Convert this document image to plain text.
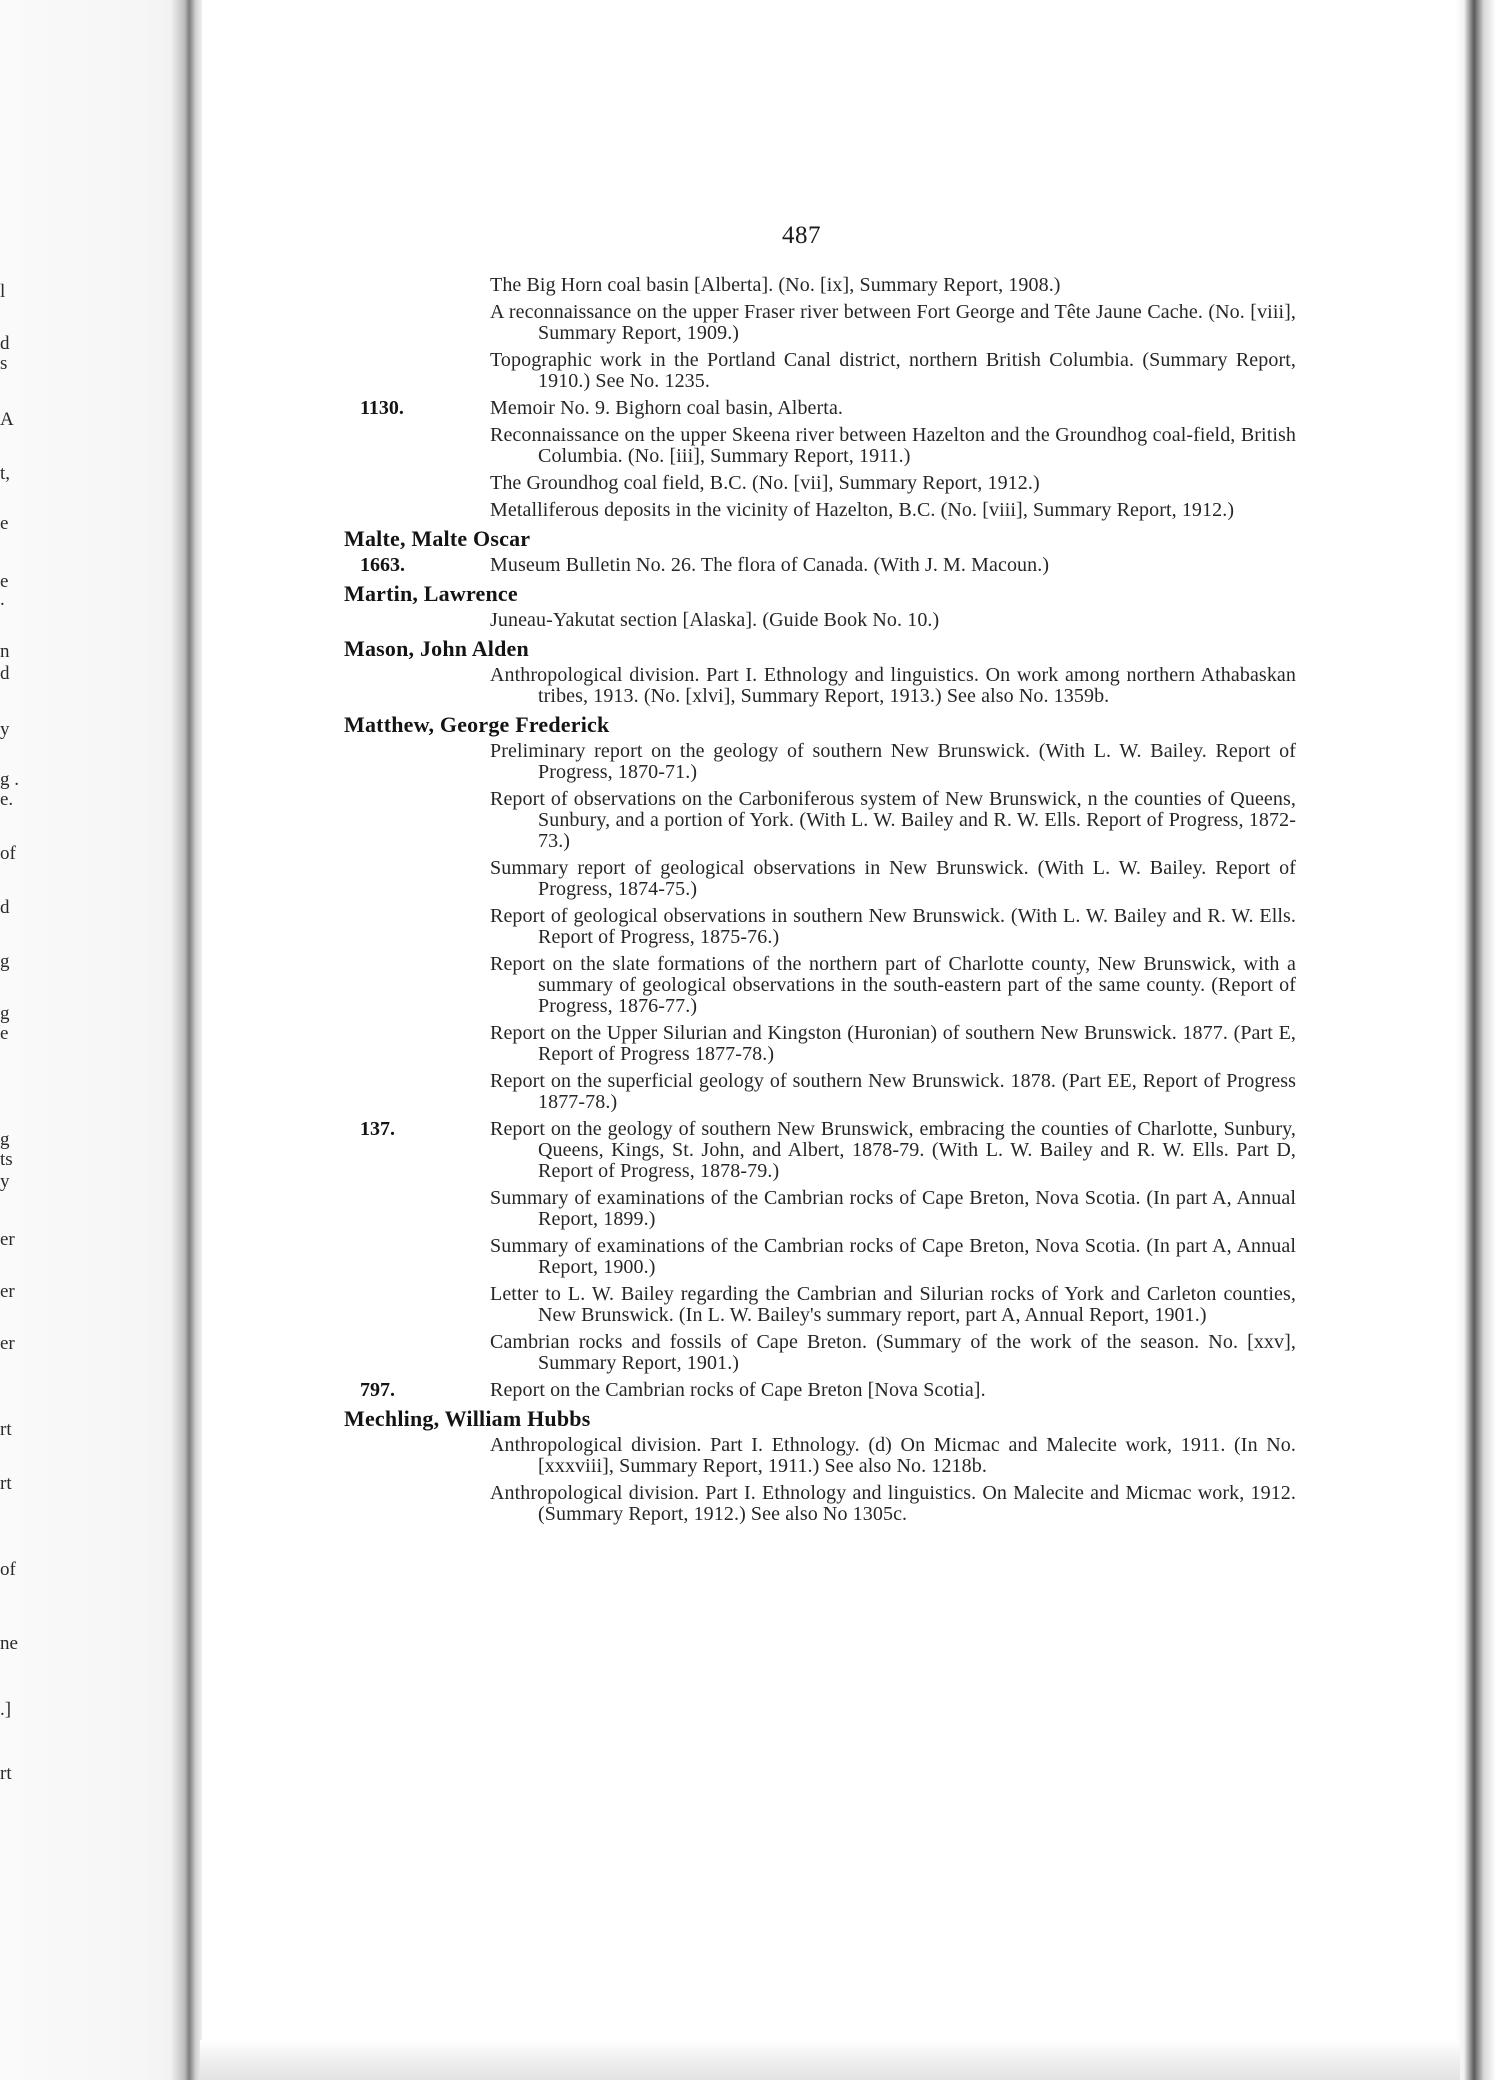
l
d
s
A
t,
e
e
.
n
d
y
g .
e.
of
d
g
g
e
g
ts
y
er
er
er
rt
rt
of
ne
.]
rt
487
The Big Horn coal basin [Alberta]. (No. [ix], Summary Report, 1908.)
A reconnaissance on the upper Fraser river between Fort George and Tête Jaune Cache. (No. [viii], Summary Report, 1909.)
Topographic work in the Portland Canal district, northern British Columbia. (Summary Report, 1910.) See No. 1235.
1130.	Memoir No. 9. Bighorn coal basin, Alberta.
Reconnaissance on the upper Skeena river between Hazelton and the Groundhog coal-field, British Columbia. (No. [iii], Summary Report, 1911.)
The Groundhog coal field, B.C. (No. [vii], Summary Report, 1912.)
Metalliferous deposits in the vicinity of Hazelton, B.C. (No. [viii], Summary Report, 1912.)
Malte, Malte Oscar
1663.	Museum Bulletin No. 26. The flora of Canada. (With J. M. Macoun.)
Martin, Lawrence
Juneau-Yakutat section [Alaska]. (Guide Book No. 10.)
Mason, John Alden
Anthropological division. Part I. Ethnology and linguistics. On work among northern Athabaskan tribes, 1913. (No. [xlvi], Summary Report, 1913.) See also No. 1359b.
Matthew, George Frederick
Preliminary report on the geology of southern New Brunswick. (With L. W. Bailey. Report of Progress, 1870-71.)
Report of observations on the Carboniferous system of New Brunswick, n the counties of Queens, Sunbury, and a portion of York. (With L. W. Bailey and R. W. Ells. Report of Progress, 1872-73.)
Summary report of geological observations in New Brunswick. (With L. W. Bailey. Report of Progress, 1874-75.)
Report of geological observations in southern New Brunswick. (With L. W. Bailey and R. W. Ells. Report of Progress, 1875-76.)
Report on the slate formations of the northern part of Charlotte county, New Brunswick, with a summary of geological observations in the south-eastern part of the same county. (Report of Progress, 1876-77.)
Report on the Upper Silurian and Kingston (Huronian) of southern New Brunswick. 1877. (Part E, Report of Progress 1877-78.)
Report on the superficial geology of southern New Brunswick. 1878. (Part EE, Report of Progress 1877-78.)
137.	Report on the geology of southern New Brunswick, embracing the counties of Charlotte, Sunbury, Queens, Kings, St. John, and Albert, 1878-79. (With L. W. Bailey and R. W. Ells. Part D, Report of Progress, 1878-79.)
Summary of examinations of the Cambrian rocks of Cape Breton, Nova Scotia. (In part A, Annual Report, 1899.)
Summary of examinations of the Cambrian rocks of Cape Breton, Nova Scotia. (In part A, Annual Report, 1900.)
Letter to L. W. Bailey regarding the Cambrian and Silurian rocks of York and Carleton counties, New Brunswick. (In L. W. Bailey's summary report, part A, Annual Report, 1901.)
Cambrian rocks and fossils of Cape Breton. (Summary of the work of the season. No. [xxv], Summary Report, 1901.)
797.	Report on the Cambrian rocks of Cape Breton [Nova Scotia].
Mechling, William Hubbs
Anthropological division. Part I. Ethnology. (d) On Micmac and Malecite work, 1911. (In No. [xxxviii], Summary Report, 1911.) See also No. 1218b.
Anthropological division. Part I. Ethnology and linguistics. On Malecite and Micmac work, 1912. (Summary Report, 1912.) See also No 1305c.
